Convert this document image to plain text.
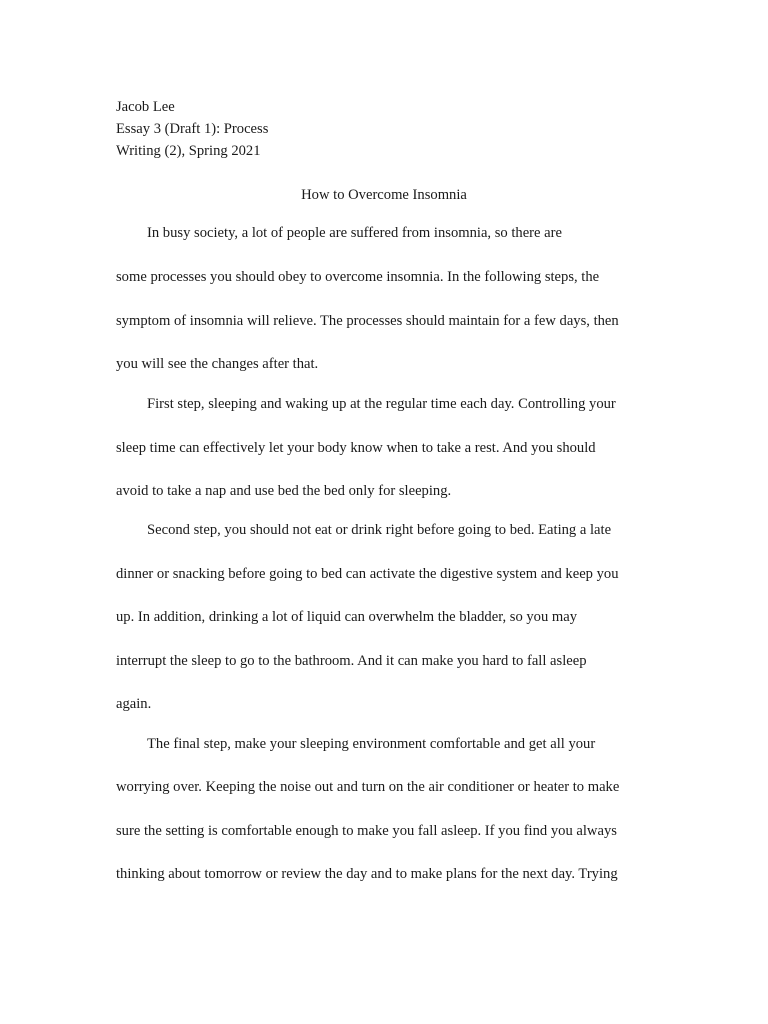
Jacob Lee
Essay 3 (Draft 1): Process
Writing (2), Spring 2021
How to Overcome Insomnia
In busy society, a lot of people are suffered from insomnia, so there are
some processes you should obey to overcome insomnia. In the following steps, the
symptom of insomnia will relieve. The processes should maintain for a few days, then
you will see the changes after that.
First step, sleeping and waking up at the regular time each day. Controlling your
sleep time can effectively let your body know when to take a rest. And you should
avoid to take a nap and use bed the bed only for sleeping.
Second step, you should not eat or drink right before going to bed. Eating a late
dinner or snacking before going to bed can activate the digestive system and keep you
up. In addition, drinking a lot of liquid can overwhelm the bladder, so you may
interrupt the sleep to go to the bathroom. And it can make you hard to fall asleep
again.
The final step, make your sleeping environment comfortable and get all your
worrying over. Keeping the noise out and turn on the air conditioner or heater to make
sure the setting is comfortable enough to make you fall asleep. If you find you always
thinking about tomorrow or review the day and to make plans for the next day. Trying
